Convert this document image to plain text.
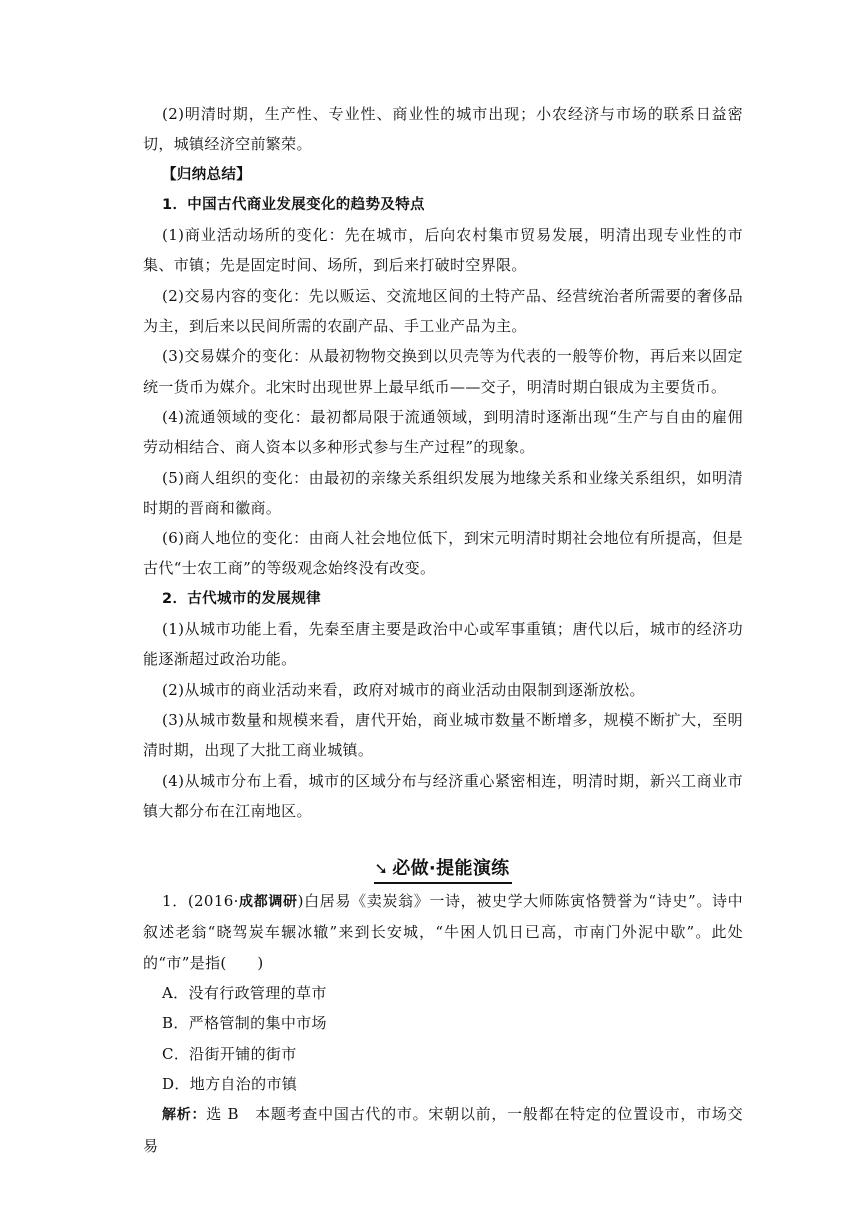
(2)明清时期，生产性、专业性、商业性的城市出现；小农经济与市场的联系日益密切，城镇经济空前繁荣。

【归纳总结】

1．中国古代商业发展变化的趋势及特点

(1)商业活动场所的变化：先在城市，后向农村集市贸易发展，明清出现专业性的市集、市镇；先是固定时间、场所，到后来打破时空界限。

(2)交易内容的变化：先以贩运、交流地区间的土特产品、经营统治者所需要的奢侈品为主，到后来以民间所需的农副产品、手工业产品为主。

(3)交易媒介的变化：从最初物物交换到以贝壳等为代表的一般等价物，再后来以固定统一货币为媒介。北宋时出现世界上最早纸币——交子，明清时期白银成为主要货币。

(4)流通领域的变化：最初都局限于流通领域，到明清时逐渐出现“生产与自由的雇佣劳动相结合、商人资本以多种形式参与生产过程”的现象。

(5)商人组织的变化：由最初的亲缘关系组织发展为地缘关系和业缘关系组织，如明清时期的晋商和徽商。

(6)商人地位的变化：由商人社会地位低下，到宋元明清时期社会地位有所提高，但是古代“士农工商”的等级观念始终没有改变。

2．古代城市的发展规律

(1)从城市功能上看，先秦至唐主要是政治中心或军事重镇；唐代以后，城市的经济功能逐渐超过政治功能。

(2)从城市的商业活动来看，政府对城市的商业活动由限制到逐渐放松。

(3)从城市数量和规模来看，唐代开始，商业城市数量不断增多，规模不断扩大，至明清时期，出现了大批工商业城镇。

(4)从城市分布上看，城市的区域分布与经济重心紧密相连，明清时期，新兴工商业市镇大都分布在江南地区。

➘ 必做·提能演练

1．(2016·成都调研)白居易《卖炭翁》一诗，被史学大师陈寅恪赞誉为“诗史”。诗中叙述老翁“晓驾炭车辗冰辙”来到长安城，“牛困人饥日已高，市南门外泥中歇”。此处的“市”是指(　　)

A．没有行政管理的草市

B．严格管制的集中市场

C．沿街开铺的街市

D．地方自治的市镇

解析：选 B　本题考查中国古代的市。宋朝以前，一般都在特定的位置设市，市场交易
